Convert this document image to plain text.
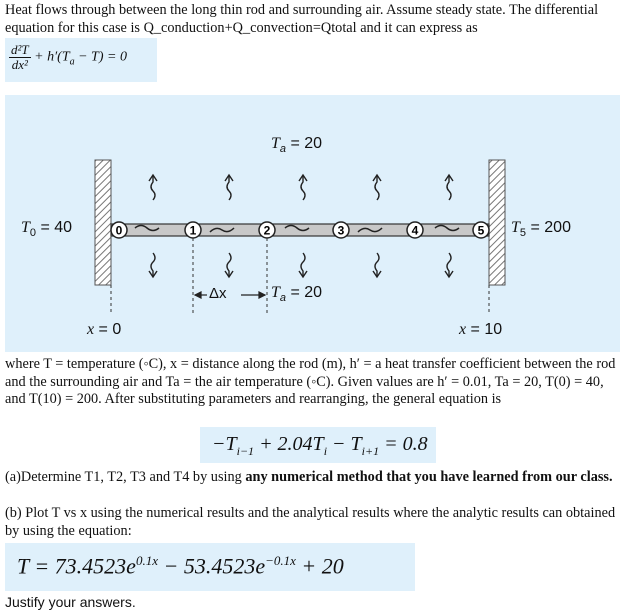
Heat flows through between the long thin rod and surrounding air. Assume steady state. The differential equation for this case is Q_conduction+Q_convection=Qtotal and it can express as

$\frac{\text{d²T}}{\text{dx²}} + h'(T_a - T) = 0$
0	1	2	3	4	5
$T_a = 20$
$T_0 = 40$	$T_5 = 200$
Δx	$T_a = 20$
x = 0	x = 10

where T = temperature (◦C), x = distance along the rod (m), h′ = a heat transfer coefficient between the rod and the surrounding air and Ta = the air temperature (◦C). Given values are h′ = 0.01, Ta = 20, T(0) = 40, and T(10) = 200. After substituting parameters and rearranging, the general equation is

$-T_{i-1} + 2.04T_i - T_{i+1} = 0.8$

(a)Determine T1, T2, T3 and T4 by using any numerical method that you have learned from our class.

(b) Plot T vs x using the numerical results and the analytical results where the analytic results can obtained by using the equation:

$T = 73.4523e^{0.1x} - 53.4523e^{-0.1x} + 20$

Justify your answers.
